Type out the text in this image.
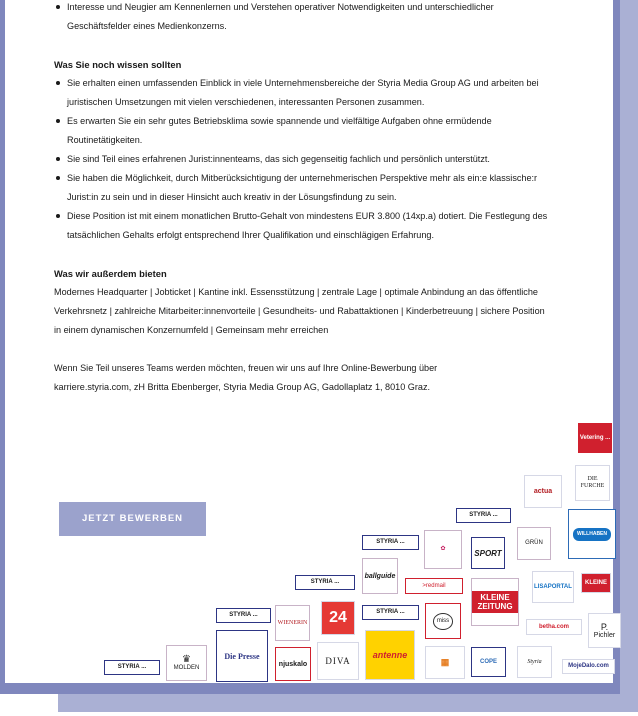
Interesse und Neugier am Kennenlernen und Verstehen operativer Notwendigkeiten und unterschiedlicher Geschäftsfelder eines Medienkonzerns.
Was Sie noch wissen sollten
Sie erhalten einen umfassenden Einblick in viele Unternehmensbereiche der Styria Media Group AG und arbeiten bei juristischen Umsetzungen mit vielen verschiedenen, interessanten Personen zusammen.
Es erwarten Sie ein sehr gutes Betriebsklima sowie spannende und vielfältige Aufgaben ohne ermüdende Routinetätigkeiten.
Sie sind Teil eines erfahrenen Jurist:innenteams, das sich gegenseitig fachlich und persönlich unterstützt.
Sie haben die Möglichkeit, durch Mitberücksichtigung der unternehmerischen Perspektive mehr als ein:e klassische:r Jurist:in zu sein und in dieser Hinsicht auch kreativ in der Lösungsfindung zu sein.
Diese Position ist mit einem monatlichen Brutto-Gehalt von mindestens EUR 3.800 (14xp.a) dotiert. Die Festlegung des tatsächlichen Gehalts erfolgt entsprechend Ihrer Qualifikation und einschlägigen Erfahrung.
Was wir außerdem bieten

Modernes Headquarter | Jobticket | Kantine inkl. Essensstützung | zentrale Lage | optimale Anbindung an das öffentliche Verkehrsnetz | zahlreiche Mitarbeiter:innenvorteile | Gesundheits- und Rabattaktionen | Kinderbetreuung | sichere Position in einem dynamischen Konzernumfeld | Gemeinsam mehr erreichen

Wenn Sie Teil unseres Teams werden möchten, freuen wir uns auf Ihre Online-Bewerbung über karriere.styria.com, zH Britta Ebenberger, Styria Media Group AG, Gadollaplatz 1, 8010 Graz.

JETZT BEWERBEN
Vetering ...
actua
DIE FURCHE
STYRIA ...
WILLHABEN
STYRIA ...
✿	SPORT
GRÜN
STYRIA ...
ballguide
>redmail
KLEINE ZEITUNG
LISAPORTAL
KLEINE
STYRIA ...
WIENERIN 24	STYRIA ...
miss
betha.com	P.
Pichler
STYRIA ...
♛
MOLDEN
Die Presse
njuskalo DIVA
antenne
▦	COPE	Styria
MojeDalo.com
